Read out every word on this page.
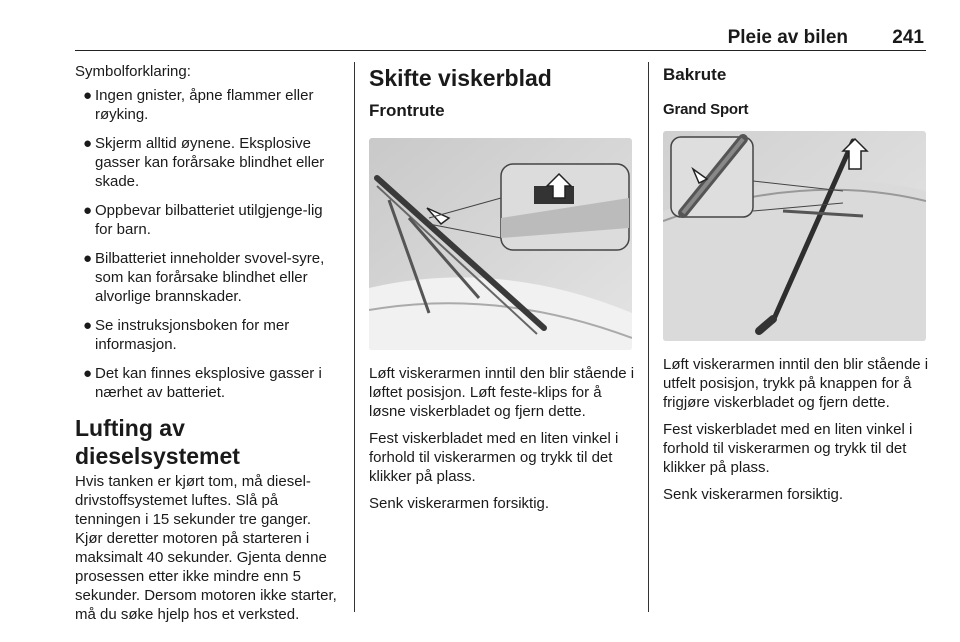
Pleie av bilen 241
Symbolforklaring:
● Ingen gnister, åpne flammer eller røyking.
● Skjerm alltid øynene. Eksplosive gasser kan forårsake blindhet eller skade.
● Oppbevar bilbatteriet utilgjenge-lig for barn.
● Bilbatteriet inneholder svovel-syre, som kan forårsake blindhet eller alvorlige brannskader.
● Se instruksjonsboken for mer informasjon.
● Det kan finnes eksplosive gasser i nærhet av batteriet.
Lufting av dieselsystemet

Hvis tanken er kjørt tom, må diesel-drivstoffsystemet luftes. Slå på tenningen i 15 sekunder tre ganger. Kjør deretter motoren på starteren i maksimalt 40 sekunder. Gjenta denne prosessen etter ikke mindre enn 5 sekunder. Dersom motoren ikke starter, må du søke hjelp hos et verksted.

Skifte viskerblad
Frontrute

Løft viskerarmen inntil den blir stående i løftet posisjon. Løft feste-klips for å løsne viskerbladet og fjern dette.

Fest viskerbladet med en liten vinkel i forhold til viskerarmen og trykk til det klikker på plass.

Senk viskerarmen forsiktig.

Bakrute
Grand Sport

Løft viskerarmen inntil den blir stående i utfelt posisjon, trykk på knappen for å frigjøre viskerbladet og fjern dette.

Fest viskerbladet med en liten vinkel i forhold til viskerarmen og trykk til det klikker på plass.

Senk viskerarmen forsiktig.
